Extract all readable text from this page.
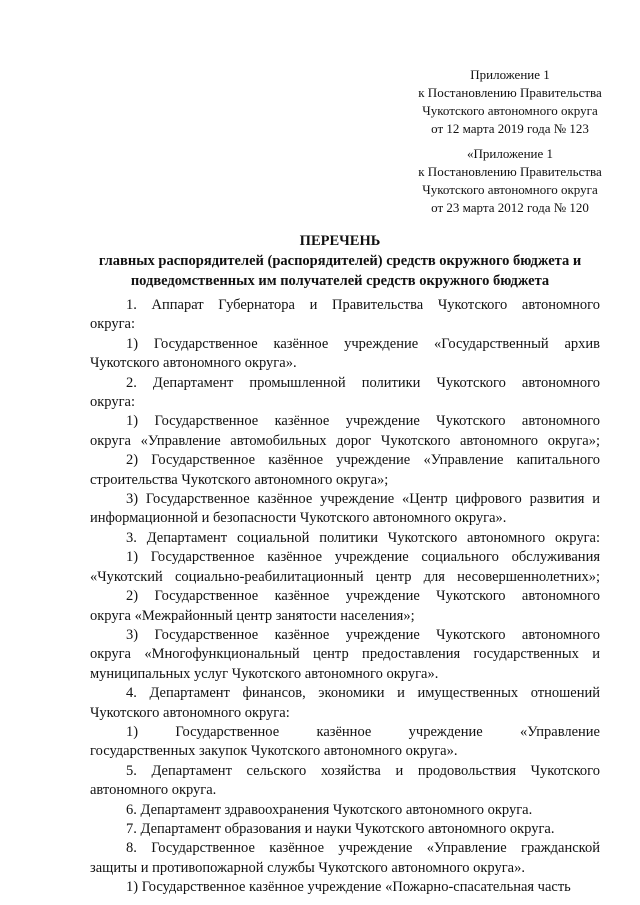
Приложение 1
к Постановлению Правительства
Чукотского автономного округа
от 12 марта 2019 года № 123
«Приложение 1
к Постановлению Правительства
Чукотского автономного округа
от 23 марта 2012 года № 120
ПЕРЕЧЕНЬ
главных распорядителей (распорядителей) средств окружного бюджета и
подведомственных им получателей средств окружного бюджета

1. Аппарат Губернатора и Правительства Чукотского автономного

округа:

1) Государственное казённое учреждение «Государственный архив

Чукотского автономного округа».

2. Департамент промышленной политики Чукотского автономного

округа:

1) Государственное казённое учреждение Чукотского автономного

округа «Управление автомобильных дорог Чукотского автономного округа»;

2) Государственное казённое учреждение «Управление капитального

строительства Чукотского автономного округа»;

3) Государственное казённое учреждение «Центр цифрового развития и

информационной и безопасности Чукотского автономного округа».

3. Департамент социальной политики Чукотского автономного округа:

1) Государственное казённое учреждение социального обслуживания

«Чукотский социально-реабилитационный центр для несовершеннолетних»;

2) Государственное казённое учреждение Чукотского автономного

округа «Межрайонный центр занятости населения»;

3) Государственное казённое учреждение Чукотского автономного

округа «Многофункциональный центр предоставления государственных и

муниципальных услуг Чукотского автономного округа».

4. Департамент финансов, экономики и имущественных отношений

Чукотского автономного округа:

1) Государственное казённое учреждение «Управление

государственных закупок Чукотского автономного округа».

5. Департамент сельского хозяйства и продовольствия Чукотского

автономного округа.

6. Департамент здравоохранения Чукотского автономного округа.

7. Департамент образования и науки Чукотского автономного округа.

8. Государственное казённое учреждение «Управление гражданской

защиты и противопожарной службы Чукотского автономного округа».

1) Государственное казённое учреждение «Пожарно-спасательная часть
